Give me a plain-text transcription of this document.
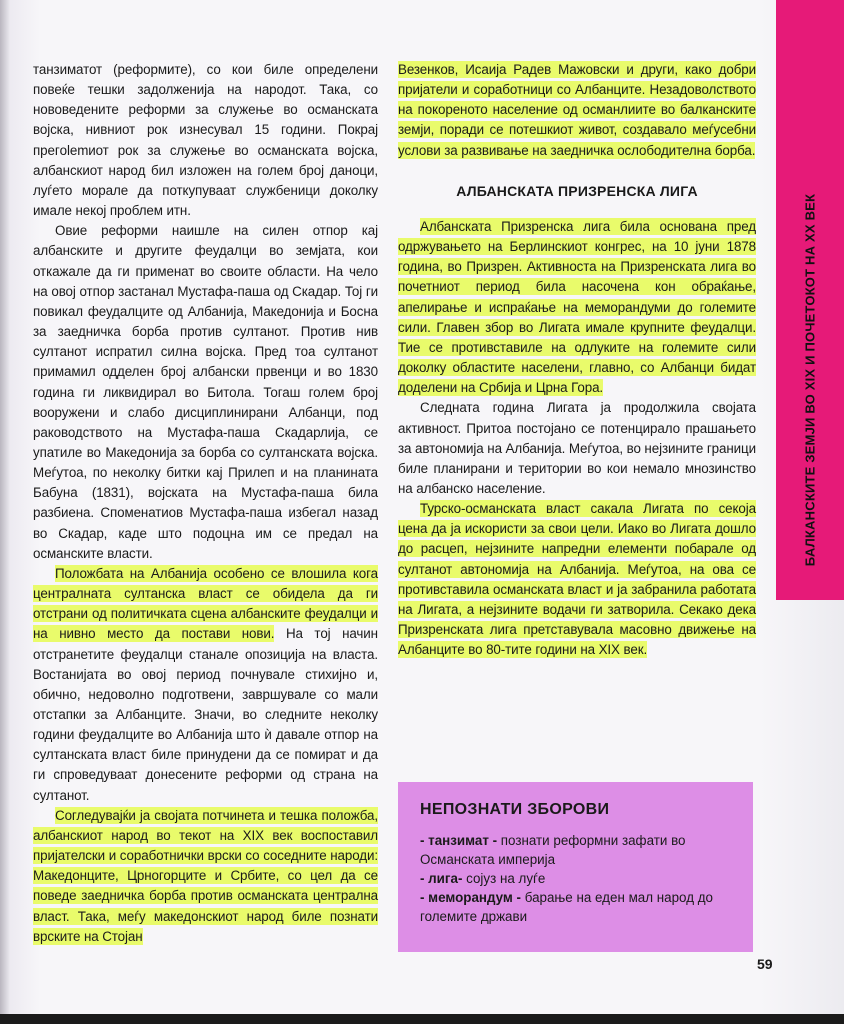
танзиматот (реформите), со кои биле определени повеќе тешки задолженија на народот. Така, со нововедените реформи за служење во османската војска, нивниот рок изнесувал 15 години. Покрај прегolemиот рок за служење во османската војска, албанскиот народ бил изложен на голем број даноци, луѓето морале да поткупуваат службеници доколку имале некој проблем итн.

Овие реформи наишле на силен отпор кај албанските и другите феудалци во земјата, кои откажале да ги применат во своите области. На чело на овој отпор застанал Мустафа-паша од Скадар. Тој ги повикал феудалците од Албанија, Македонија и Босна за заедничка борба против султанот. Против нив султанот испратил силна војска. Пред тоа султанот примамил одделен број албански првенци и во 1830 година ги ликвидирал во Битола. Тогаш голем број вооружени и слабо дисциплинирани Албанци, под раководството на Мустафа-паша Скадарлија, се упатиле во Македонија за борба со султанската војска. Меѓутоа, по неколку битки кај Прилеп и на планината Бабуна (1831), војската на Мустафа-паша била разбиена. Споменатиов Мустафа-паша избегал назад во Скадар, каде што подоцна им се предал на османските власти.

Положбата на Албанија особено се влошила кога централната султанска власт се обидела да ги отстрани од политичката сцена албанските феудалци и на нивно место да постави нови. На тој начин отстранетите феудалци станале опозиција на власта. Востанијата во овој период почнувале стихијно и, обично, недоволно подготвени, завршувале со мали отстапки за Албанците. Значи, во следните неколку години феудалците во Албанија што ѝ давале отпор на султанската власт биле принудени да се помират и да ги спроведуваат донесените реформи од страна на султанот.

Согледувајќи ја својата потчинета и тешка положба, албанскиот народ во текот на XIX век воспоставил пријателски и соработнички врски со соседните народи: Македонците, Црногорците и Србите, со цел да се поведе заедничка борба против османската централна власт. Така, меѓу македонскиот народ биле познати врските на Стојан

Везенков, Исаија Радев Мажовски и други, како добри пријатели и соработници со Албанците. Незадоволството на покореното население од османлиите во балканските земји, поради се потешкиот живот, создавало меѓусебни услови за развивање на заедничка ослободителна борба.

АЛБАНСКАТА ПРИЗРЕНСКА ЛИГА

Албанската Призренска лига била основана пред одржувањето на Берлинскиот конгрес, на 10 јуни 1878 година, во Призрен. Активноста на Призренската лига во почетниот период била насочена кон обраќање, апелирање и испраќање на меморандуми до големите сили. Главен збор во Лигата имале крупните феудалци. Тие се противставиле на одлуките на големите сили доколку областите населени, главно, со Албанци бидат доделени на Србија и Црна Гора.

Следната година Лигата ја продолжила својата активност. Притоа постојано се потенцирало прашањето за автономија на Албанија. Меѓутоа, во нејзините граници биле планирани и територии во кои немало мнозинство на албанско население.

Турско-османската власт сакала Лигата по секоја цена да ја искористи за свои цели. Иако во Лигата дошло до расцеп, нејзините напредни елементи побарале од султанот автономија на Албанија. Меѓутоа, на ова се противставила османската власт и ја забранила работата на Лигата, а нејзините водачи ги затворила. Секако дека Призренската лига претставувала масовно движење на Албанците во 80-тите години на XIX век.

БАЛКАНСКИТЕ ЗЕМЈИ ВО XIX И ПОЧЕТОКОТ НА XX ВЕК
НЕПОЗНАТИ ЗБОРОВИ
- танзимат - познати реформни зафати во Османската империја
- лига- сојуз на луѓе
- меморандум - барање на еден мал народ до големите држави
59
